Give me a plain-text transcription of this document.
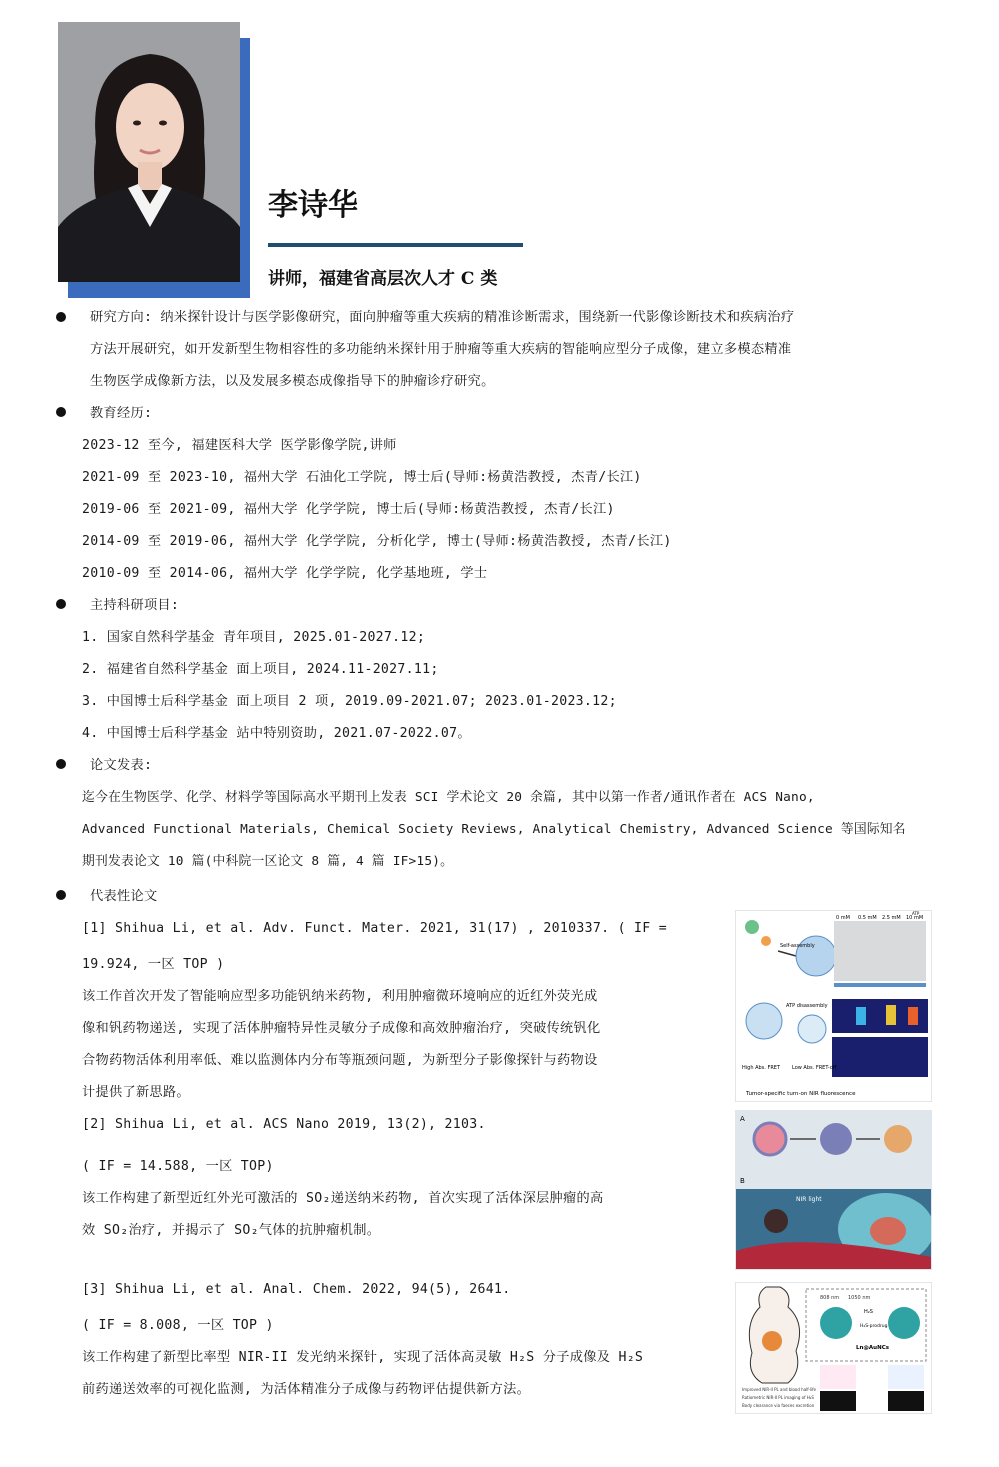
李诗华
讲师，福建省高层次人才 C 类
研究方向: 纳米探针设计与医学影像研究，面向肿瘤等重大疾病的精准诊断需求，围绕新一代影像诊断技术和疾病治疗
方法开展研究，如开发新型生物相容性的多功能纳米探针用于肿瘤等重大疾病的智能响应型分子成像，建立多模态精准
生物医学成像新方法，以及发展多模态成像指导下的肿瘤诊疗研究。
教育经历:
2023-12 至今, 福建医科大学 医学影像学院,讲师
2021-09 至 2023-10, 福州大学 石油化工学院, 博士后(导师:杨黄浩教授, 杰青/长江)
2019-06 至 2021-09, 福州大学 化学学院, 博士后(导师:杨黄浩教授, 杰青/长江)
2014-09 至 2019-06, 福州大学 化学学院, 分析化学, 博士(导师:杨黄浩教授, 杰青/长江)
2010-09 至 2014-06, 福州大学 化学学院, 化学基地班, 学士
主持科研项目:
1. 国家自然科学基金 青年项目, 2025.01-2027.12;
2. 福建省自然科学基金 面上项目, 2024.11-2027.11;
3. 中国博士后科学基金 面上项目 2 项, 2019.09-2021.07; 2023.01-2023.12;
4. 中国博士后科学基金 站中特别资助, 2021.07-2022.07。
论文发表:
迄今在生物医学、化学、材料学等国际高水平期刊上发表 SCI 学术论文 20 余篇, 其中以第一作者/通讯作者在 ACS Nano,
Advanced Functional Materials, Chemical Society Reviews, Analytical Chemistry, Advanced Science 等国际知名
期刊发表论文 10 篇(中科院一区论文 8 篇, 4 篇 IF>15)。
代表性论文
[1] Shihua Li, et al. Adv. Funct. Mater. 2021, 31(17) , 2010337. ( IF =
19.924, 一区 TOP )
该工作首次开发了智能响应型多功能钒纳米药物, 利用肿瘤微环境响应的近红外荧光成
像和钒药物递送, 实现了活体肿瘤特异性灵敏分子成像和高效肿瘤治疗, 突破传统钒化
合物药物活体利用率低、难以监测体内分布等瓶颈问题, 为新型分子影像探针与药物设
计提供了新思路。
Self-assembly
0 mM 0.5 mM 2.5 mM 10 mM
ATP
ATP disassembly
High Abs. FRET Low Abs. FRET-off
Tumor-specific turn-on NIR fluorescence
[2] Shihua Li, et al. ACS Nano 2019, 13(2), 2103.
( IF = 14.588, 一区 TOP)
该工作构建了新型近红外光可激活的 SO₂递送纳米药物, 首次实现了活体深层肿瘤的高
效 SO₂治疗, 并揭示了 SO₂气体的抗肿瘤机制。
A
B
NIR light
[3] Shihua Li, et al. Anal. Chem. 2022, 94(5), 2641.
( IF = 8.008, 一区 TOP )
该工作构建了新型比率型 NIR-II 发光纳米探针, 实现了活体高灵敏 H₂S 分子成像及 H₂S
前药递送效率的可视化监测, 为活体精准分子成像与药物评估提供新方法。
808 nm 1050 nm
H₂S
H₂S-prodrug
Ln@AuNCs
Improved NIR-II PL and blood half-life
Ratiometric NIR-II PL imaging of H₂S
Body clearance via faeces excretion
